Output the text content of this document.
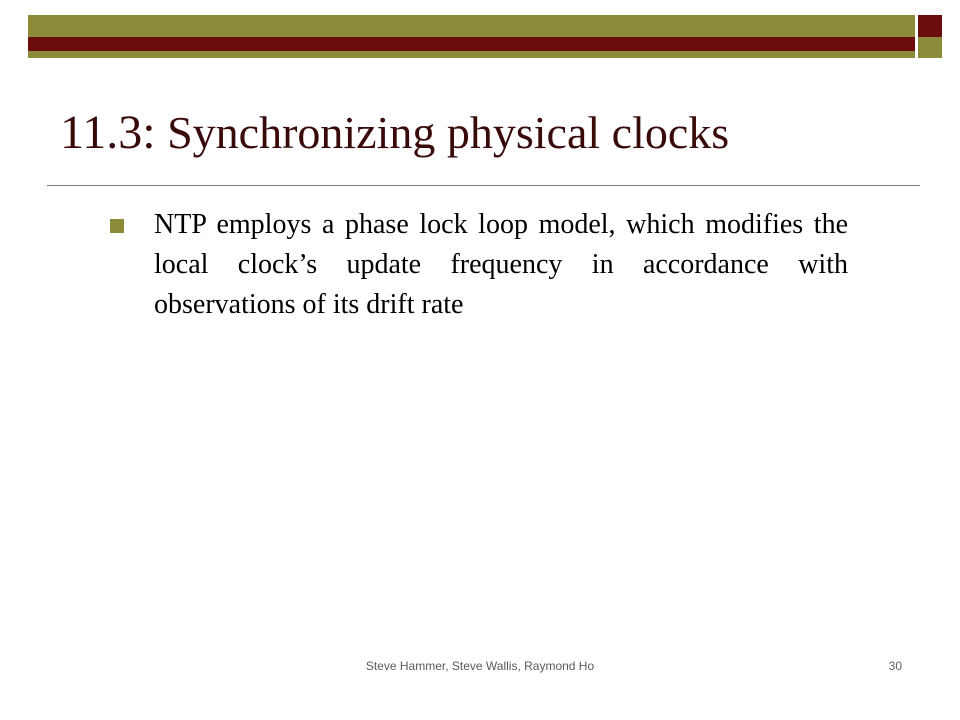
11.3: Synchronizing physical clocks
NTP employs a phase lock loop model, which modifies the local clock’s update frequency in accordance with observations of its drift rate
Steve Hammer, Steve Wallis, Raymond Ho	30
